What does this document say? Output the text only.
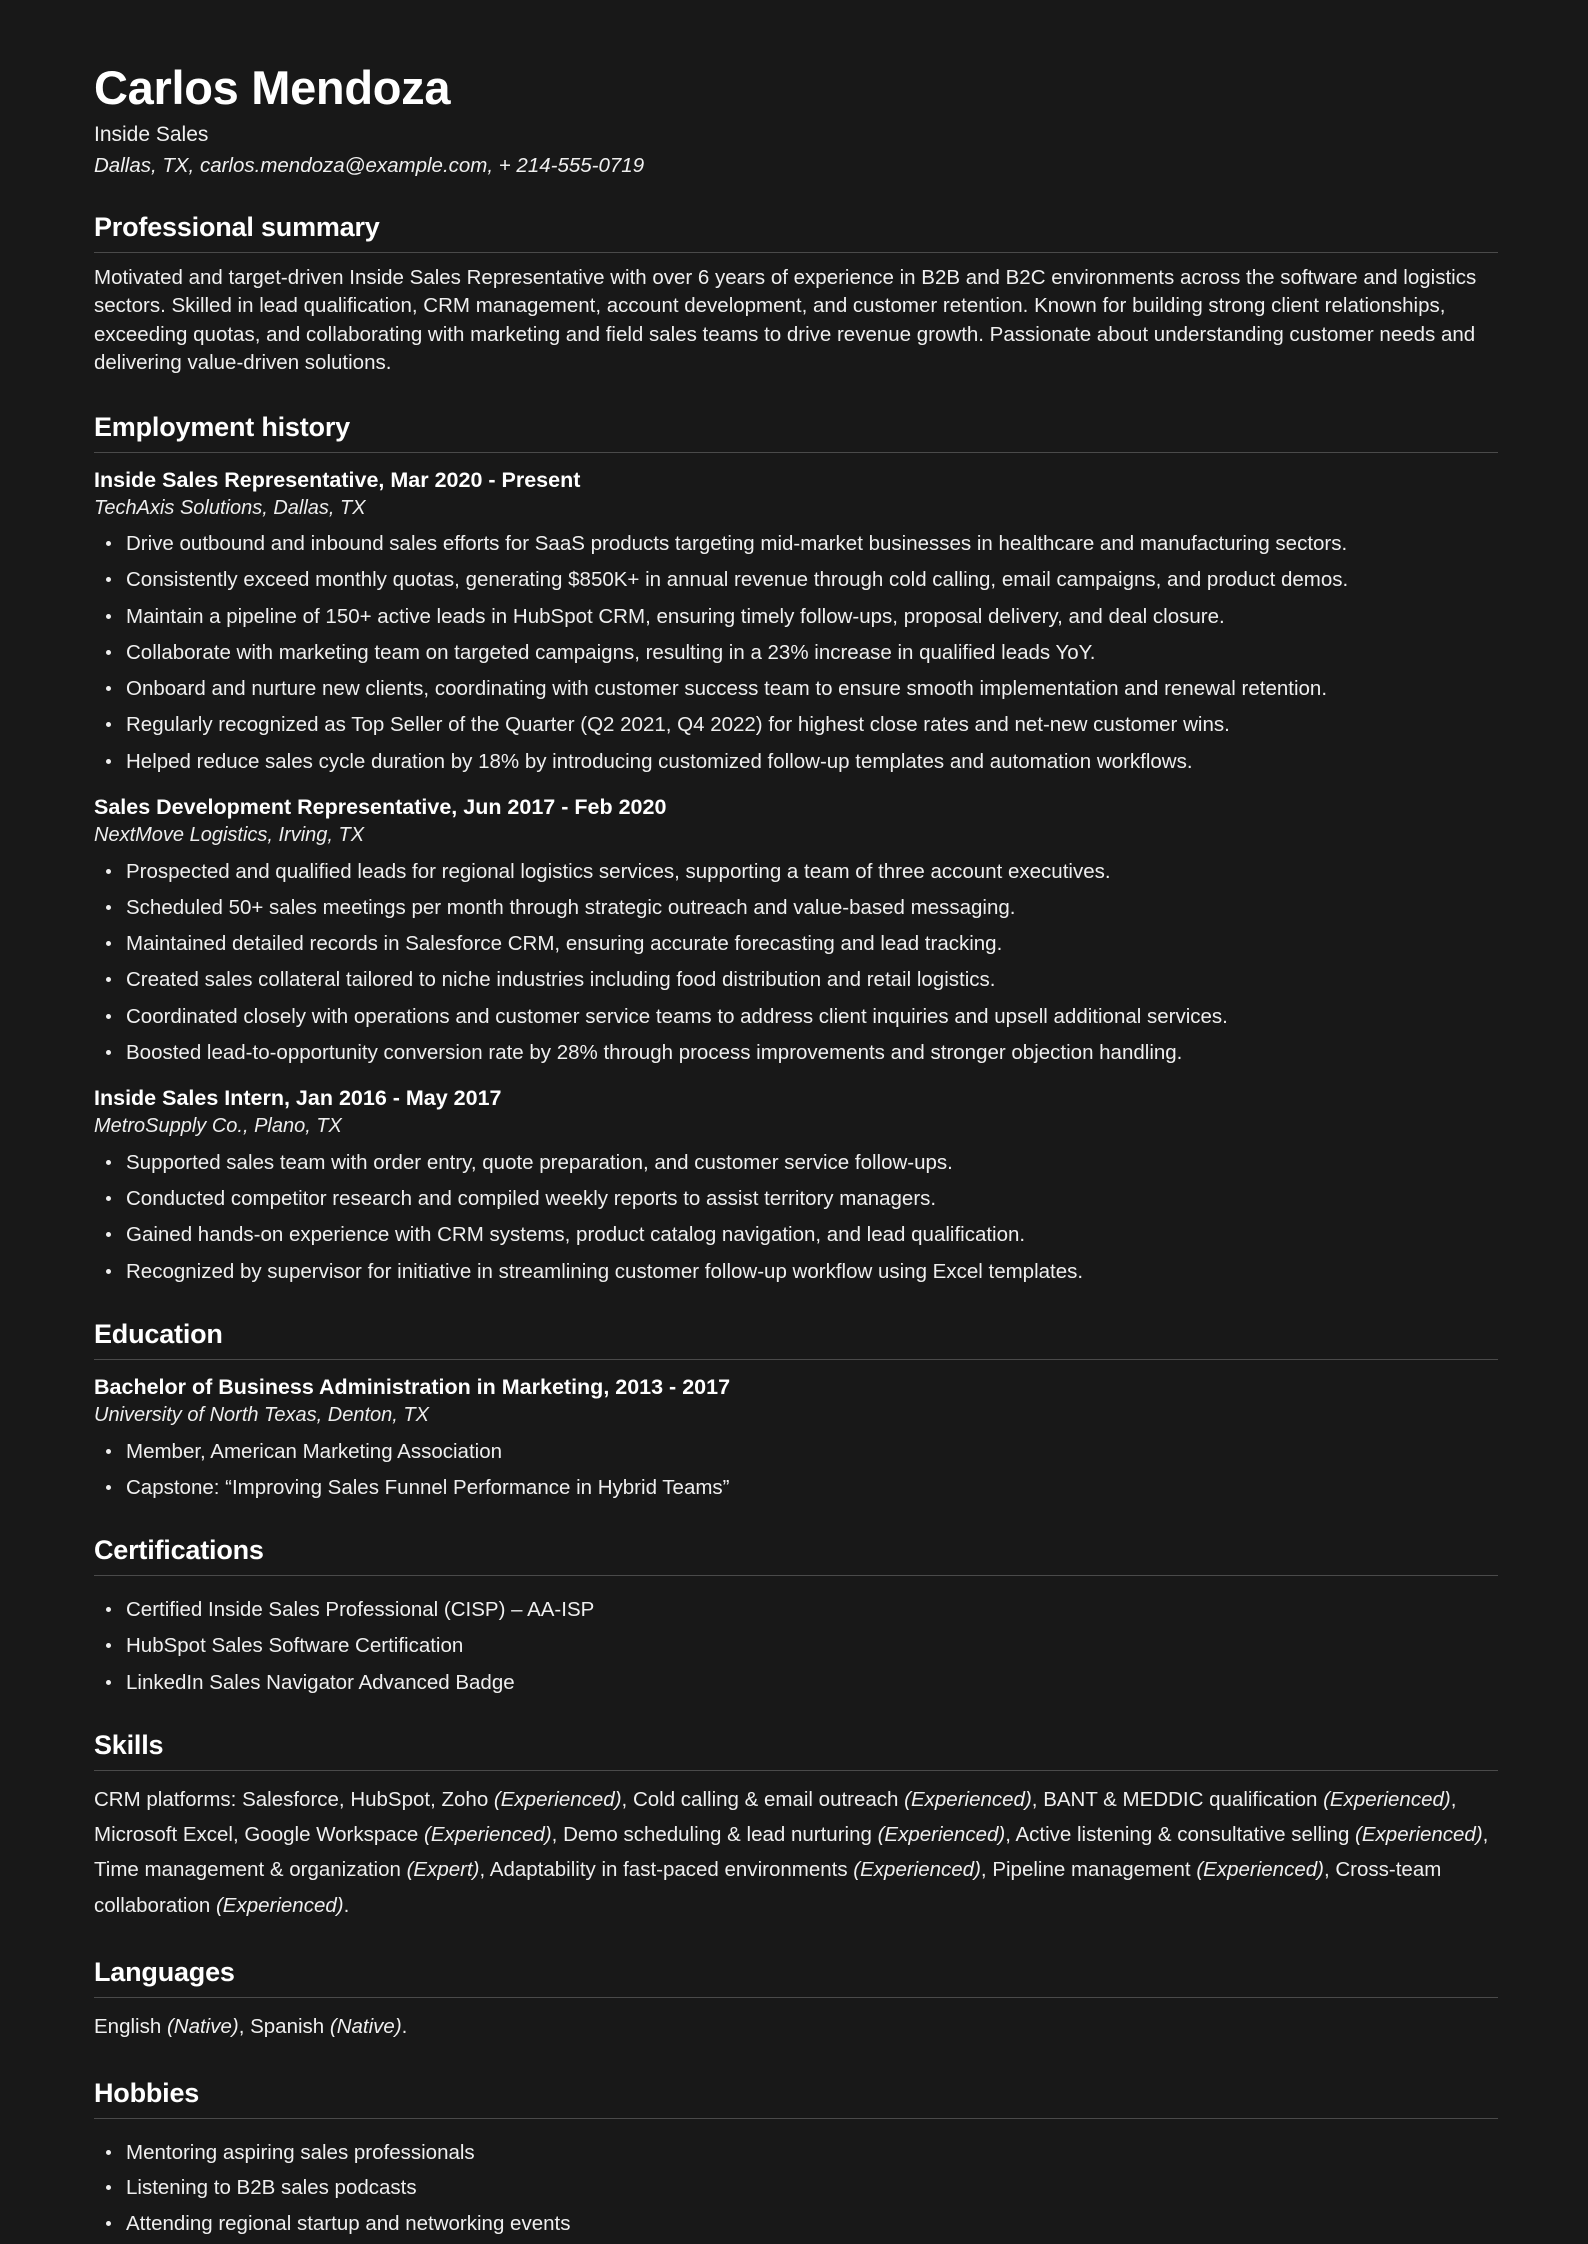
Carlos Mendoza
Inside Sales
Dallas, TX, carlos.mendoza@example.com, + 214-555-0719
Professional summary

Motivated and target-driven Inside Sales Representative with over 6 years of experience in B2B and B2C environments across the software and logistics sectors. Skilled in lead qualification, CRM management, account development, and customer retention. Known for building strong client relationships, exceeding quotas, and collaborating with marketing and field sales teams to drive revenue growth. Passionate about understanding customer needs and delivering value-driven solutions.

Employment history
Inside Sales Representative, Mar 2020 - Present
TechAxis Solutions, Dallas, TX
Drive outbound and inbound sales efforts for SaaS products targeting mid-market businesses in healthcare and manufacturing sectors.
Consistently exceed monthly quotas, generating $850K+ in annual revenue through cold calling, email campaigns, and product demos.
Maintain a pipeline of 150+ active leads in HubSpot CRM, ensuring timely follow-ups, proposal delivery, and deal closure.
Collaborate with marketing team on targeted campaigns, resulting in a 23% increase in qualified leads YoY.
Onboard and nurture new clients, coordinating with customer success team to ensure smooth implementation and renewal retention.
Regularly recognized as Top Seller of the Quarter (Q2 2021, Q4 2022) for highest close rates and net-new customer wins.
Helped reduce sales cycle duration by 18% by introducing customized follow-up templates and automation workflows.
Sales Development Representative, Jun 2017 - Feb 2020
NextMove Logistics, Irving, TX
Prospected and qualified leads for regional logistics services, supporting a team of three account executives.
Scheduled 50+ sales meetings per month through strategic outreach and value-based messaging.
Maintained detailed records in Salesforce CRM, ensuring accurate forecasting and lead tracking.
Created sales collateral tailored to niche industries including food distribution and retail logistics.
Coordinated closely with operations and customer service teams to address client inquiries and upsell additional services.
Boosted lead-to-opportunity conversion rate by 28% through process improvements and stronger objection handling.
Inside Sales Intern, Jan 2016 - May 2017
MetroSupply Co., Plano, TX
Supported sales team with order entry, quote preparation, and customer service follow-ups.
Conducted competitor research and compiled weekly reports to assist territory managers.
Gained hands-on experience with CRM systems, product catalog navigation, and lead qualification.
Recognized by supervisor for initiative in streamlining customer follow-up workflow using Excel templates.
Education
Bachelor of Business Administration in Marketing, 2013 - 2017
University of North Texas, Denton, TX
Member, American Marketing Association
Capstone: “Improving Sales Funnel Performance in Hybrid Teams”
Certifications
Certified Inside Sales Professional (CISP) – AA-ISP
HubSpot Sales Software Certification
LinkedIn Sales Navigator Advanced Badge
Skills

CRM platforms: Salesforce, HubSpot, Zoho (Experienced), Cold calling & email outreach (Experienced), BANT & MEDDIC qualification (Experienced), Microsoft Excel, Google Workspace (Experienced), Demo scheduling & lead nurturing (Experienced), Active listening & consultative selling (Experienced), Time management & organization (Expert), Adaptability in fast-paced environments (Experienced), Pipeline management (Experienced), Cross-team collaboration (Experienced).

Languages

English (Native), Spanish (Native).

Hobbies
Mentoring aspiring sales professionals
Listening to B2B sales podcasts
Attending regional startup and networking events
